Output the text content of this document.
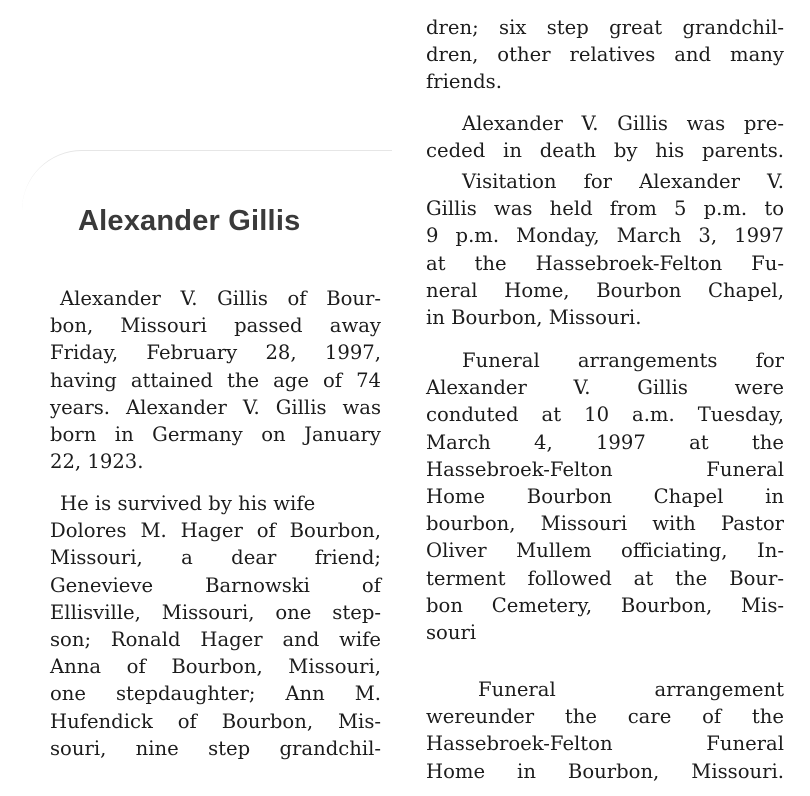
Alexander Gillis

Alexander V. Gillis of Bour-
bon, Missouri passed away
Friday, February 28, 1997,
having attained the age of 74
years. Alexander V. Gillis was
born in Germany on January
22, 1923.

He is survived by his wife
Dolores M. Hager of Bourbon,
Missouri, a dear friend;
Genevieve Barnowski of
Ellisville, Missouri, one step-
son; Ronald Hager and wife
Anna of Bourbon, Missouri,
one stepdaughter; Ann M.
Hufendick of Bourbon, Mis-
souri, nine step grandchil-

dren; six step great grandchil-
dren, other relatives and many
friends.

Alexander V. Gillis was pre-
ceded in death by his parents.

Visitation for Alexander V.
Gillis was held from 5 p.m. to
9 p.m. Monday, March 3, 1997
at the Hassebroek-Felton Fu-
neral Home, Bourbon Chapel,
in Bourbon, Missouri.

Funeral arrangements for
Alexander V. Gillis were
conduted at 10 a.m. Tuesday,
March 4, 1997 at the
Hassebroek-Felton Funeral
Home Bourbon Chapel in
bourbon, Missouri with Pastor
Oliver Mullem officiating, In-
terment followed at the Bour-
bon Cemetery, Bourbon, Mis-
souri

Funeral arrangement
wereunder the care of the
Hassebroek-Felton Funeral
Home in Bourbon, Missouri.
